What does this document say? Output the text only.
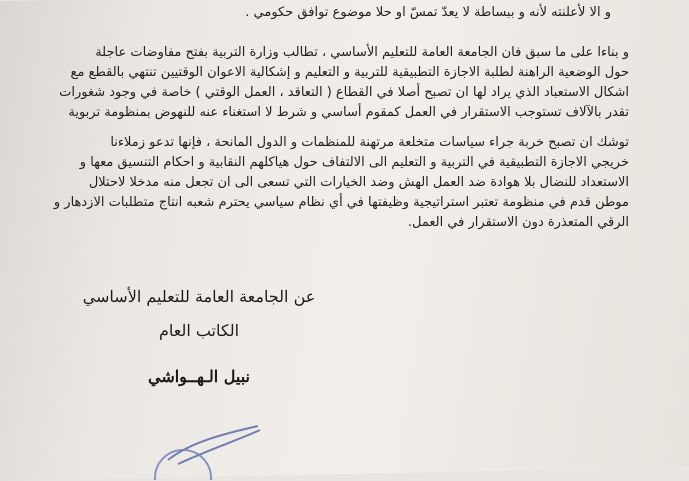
و الا لأعلنته لأنه و ببساطة لا يعدّ تمسّ او حلا موضوع توافق حكومي .
و بناءا على ما سبق فان الجامعة العامة للتعليم الأساسي ، تطالب وزارة التربية بفتح مفاوضات عاجلة
حول الوضعية الراهنة لطلبة الاجازة التطبيقية للتربية و التعليم و إشكالية الاعوان الوقتيين تنتهي بالقطع مع
اشكال الاستعباد الذي يراد لها ان تصبح أصلا في القطاع ( التعاقد ، العمل الوقتي ) خاصة في وجود شغورات
تقدر بالآلاف تستوجب الاستقرار في العمل كمقوم أساسي و شرط لا استغناء عنه للنهوض بمنظومة تربوية
توشك ان تصبح خربة جراء سياسات متخلعة مرتهنة للمنظمات و الدول المانحة ، فإنها تدعو زملاءنا
خريجي الاجازة التطبيقية في التربية و التعليم الى الالتفاف حول هياكلهم النقابية و احكام التنسيق معها و
الاستعداد للنضال بلا هوادة ضد العمل الهش وضد الخيارات التي تسعى الى ان تجعل منه مدخلا لاحتلال
موطن قدم في منظومة تعتبر استراتيجية وظيفتها في أي نظام سياسي يحترم شعبه انتاج متطلبات الازدهار و
الرقي المتعذرة دون الاستقرار في العمل.
عن الجامعة العامة للتعليم الأساسي
الكاتب العام
نبيل الـهــواشي
